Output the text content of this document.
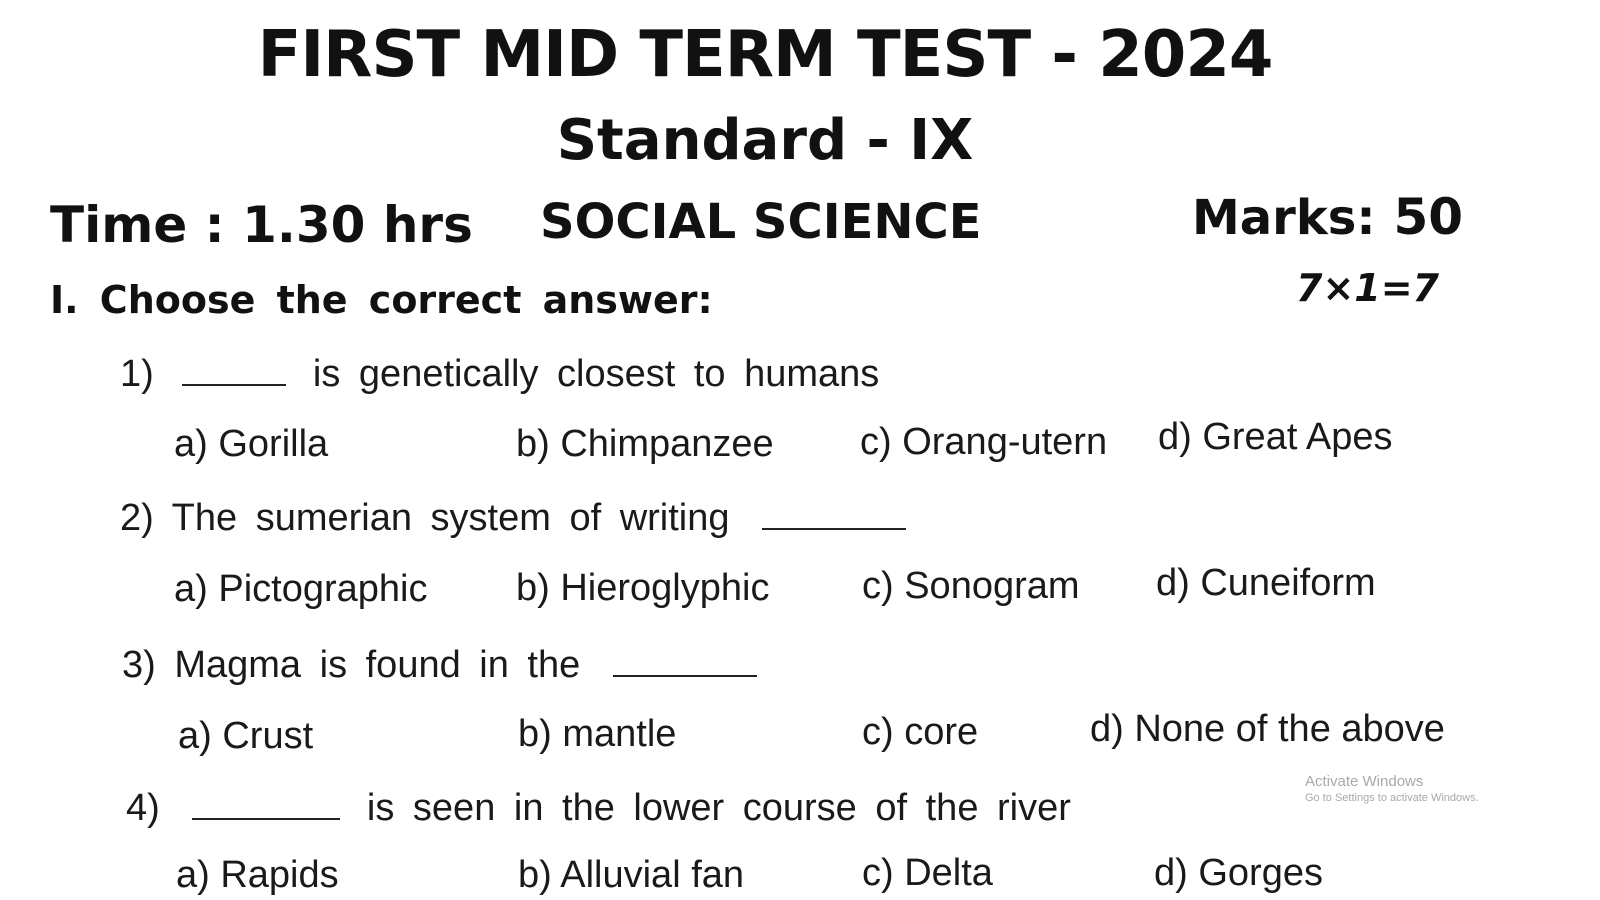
FIRST MID TERM TEST - 2024
Standard - IX
Time : 1.30 hrs SOCIAL SCIENCE	Marks: 50
I. Choose the correct answer:	7×1=7
1)	is genetically closest to humans
a) Gorilla	b) Chimpanzee c) Orang-utern d) Great Apes
2) The sumerian system of writing
a) Pictographic b) Hieroglyphic c) Sonogram d) Cuneiform
3) Magma is found in the
a) Crust	b) mantle	c) core	d) None of the above
4)	is seen in the lower course of the river
a) Rapids	b) Alluvial fan	c) Delta	d) Gorges
Activate Windows
Go to Settings to activate Windows.
